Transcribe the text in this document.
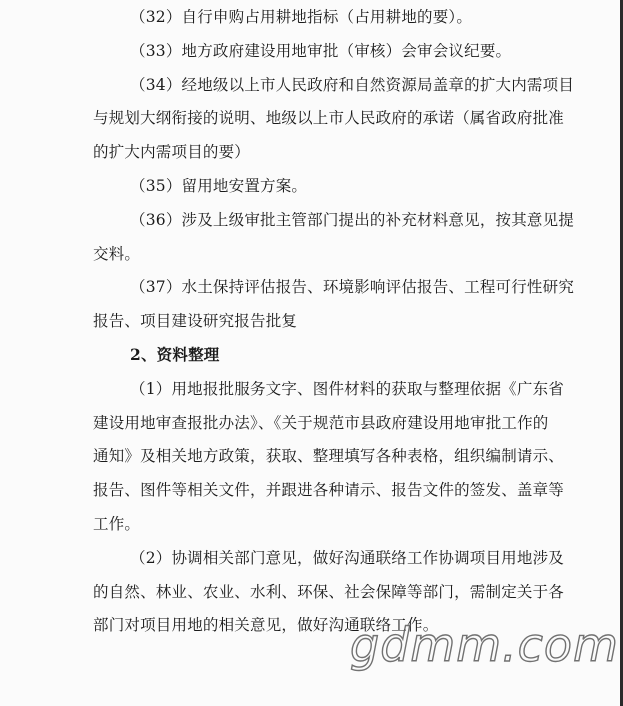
（32）自行申购占用耕地指标（占用耕地的要）。
（33）地方政府建设用地审批（审核）会审会议纪要。
（34）经地级以上市人民政府和自然资源局盖章的扩大内需项目
与规划大纲衔接的说明、地级以上市人民政府的承诺（属省政府批准
的扩大内需项目的要）
（35）留用地安置方案。
（36）涉及上级审批主管部门提出的补充材料意见，按其意见提
交料。
（37）水土保持评估报告、环境影响评估报告、工程可行性研究
报告、项目建设研究报告批复
2、资料整理
（1）用地报批服务文字、图件材料的获取与整理依据《广东省
建设用地审查报批办法》、《关于规范市县政府建设用地审批工作的
通知》及相关地方政策，获取、整理填写各种表格，组织编制请示、
报告、图件等相关文件，并跟进各种请示、报告文件的签发、盖章等
工作。
（2）协调相关部门意见，做好沟通联络工作协调项目用地涉及
的自然、林业、农业、水利、环保、社会保障等部门，需制定关于各
部门对项目用地的相关意见，做好沟通联络工作。
gdmm.com
